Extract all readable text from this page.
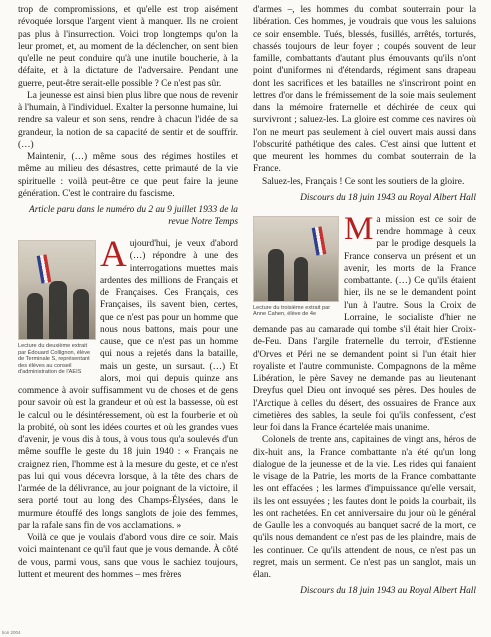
trop de compromissions, et qu'elle est trop aisément révoquée lorsque l'argent vient à manquer. Ils ne croient pas plus à l'insurrection. Voici trop longtemps qu'on la leur promet, et, au moment de la déclencher, on sent bien qu'elle ne peut conduire qu'à une inutile boucherie, à la défaite, et à la dictature de l'adversaire. Pendant une guerre, peut-être serait-elle possible ? Ce n'est pas sûr.

La jeunesse est ainsi bien plus libre que nous de revenir à l'humain, à l'individuel. Exalter la personne humaine, lui rendre sa valeur et son sens, rendre à chacun l'idée de sa grandeur, la notion de sa capacité de sentir et de souffrir. (…)

Maintenir, (…) même sous des régimes hostiles et même au milieu des désastres, cette primauté de la vie spirituelle : voilà peut-être ce que peut faire la jeune génération. C'est le contraire du fascisme.

Article paru dans le numéro du 2 au 9 juillet 1933 de la revue Notre Temps

Lecture du deuxième extrait par Édouard Collignon, élève de Terminale S, représentant des élèves au conseil d'administration de l'AEIS
A ujourd'hui, je veux d'abord (…) répondre à une des interrogations muettes mais ardentes des millions de Français et de Françaises. Ces Français, ces Françaises, ils savent bien, certes, que ce n'est pas pour un homme que nous nous battons, mais pour une cause, que ce n'est pas un homme qui nous a rejetés dans la bataille, mais un geste, un sursaut. (…) Et alors, moi qui depuis quinze ans commence à avoir suffisamment vu de choses et de gens pour savoir où est la grandeur et où est la bassesse, où est le calcul ou le désintéressement, où est la fourberie et où la probité, où sont les idées courtes et où les grandes vues d'avenir, je vous dis à tous, à vous tous qu'a soulevés d'un même souffle le geste du 18 juin 1940 : « Français ne craignez rien, l'homme est à la mesure du geste, et ce n'est pas lui qui vous décevra lorsque, à la tête des chars de l'armée de la délivrance, au jour poignant de la victoire, il sera porté tout au long des Champs-Élysées, dans le murmure étouffé des longs sanglots de joie des femmes, par la rafale sans fin de vos acclamations. »

Voilà ce que je voulais d'abord vous dire ce soir. Mais voici maintenant ce qu'il faut que je vous demande. À côté de vous, parmi vous, sans que vous le sachiez toujours, luttent et meurent des hommes – mes frères

d'armes –, les hommes du combat souterrain pour la libération. Ces hommes, je voudrais que vous les saluions ce soir ensemble. Tués, blessés, fusillés, arrêtés, torturés, chassés toujours de leur foyer ; coupés souvent de leur famille, combattants d'autant plus émouvants qu'ils n'ont point d'uniformes ni d'étendards, régiment sans drapeau dont les sacrifices et les batailles ne s'inscriront point en lettres d'or dans le frémissement de la soie mais seulement dans la mémoire fraternelle et déchirée de ceux qui survivront ; saluez-les. La gloire est comme ces navires où l'on ne meurt pas seulement à ciel ouvert mais aussi dans l'obscurité pathétique des cales. C'est ainsi que luttent et que meurent les hommes du combat souterrain de la France.

Saluez-les, Français ! Ce sont les soutiers de la gloire.

Discours du 18 juin 1943 au Royal Albert Hall

Lecture du troisième extrait par Anne Cahen, élève de 4e
M a mission est ce soir de rendre hommage à ceux par le prodige desquels la France conserva un présent et un avenir, les morts de la France combattante. (…) Ce qu'ils étaient hier, ils ne se le demandent point l'un à l'autre. Sous la Croix de Lorraine, le socialiste d'hier ne demande pas au camarade qui tombe s'il était hier Croix-de-Feu. Dans l'argile fraternelle du terroir, d'Estienne d'Orves et Péri ne se demandent point si l'un était hier royaliste et l'autre communiste. Compagnons de la même Libération, le père Savey ne demande pas au lieutenant Dreyfus quel Dieu ont invoqué ses pères. Des houles de l'Arctique à celles du désert, des ossuaires de France aux cimetières des sables, la seule foi qu'ils confessent, c'est leur foi dans la France écartelée mais unanime.

Colonels de trente ans, capitaines de vingt ans, héros de dix-huit ans, la France combattante n'a été qu'un long dialogue de la jeunesse et de la vie. Les rides qui fanaient le visage de la Patrie, les morts de la France combattante les ont effacées ; les larmes d'impuissance qu'elle versait, ils les ont essuyées ; les fautes dont le poids la courbait, ils les ont rachetées. En cet anniversaire du jour où le général de Gaulle les a convoqués au banquet sacré de la mort, ce qu'ils nous demandent ce n'est pas de les plaindre, mais de les continuer. Ce qu'ils attendent de nous, ce n'est pas un regret, mais un serment. Ce n'est pas un sanglot, mais un élan.

Discours du 18 juin 1943 au Royal Albert Hall

tion 2004
